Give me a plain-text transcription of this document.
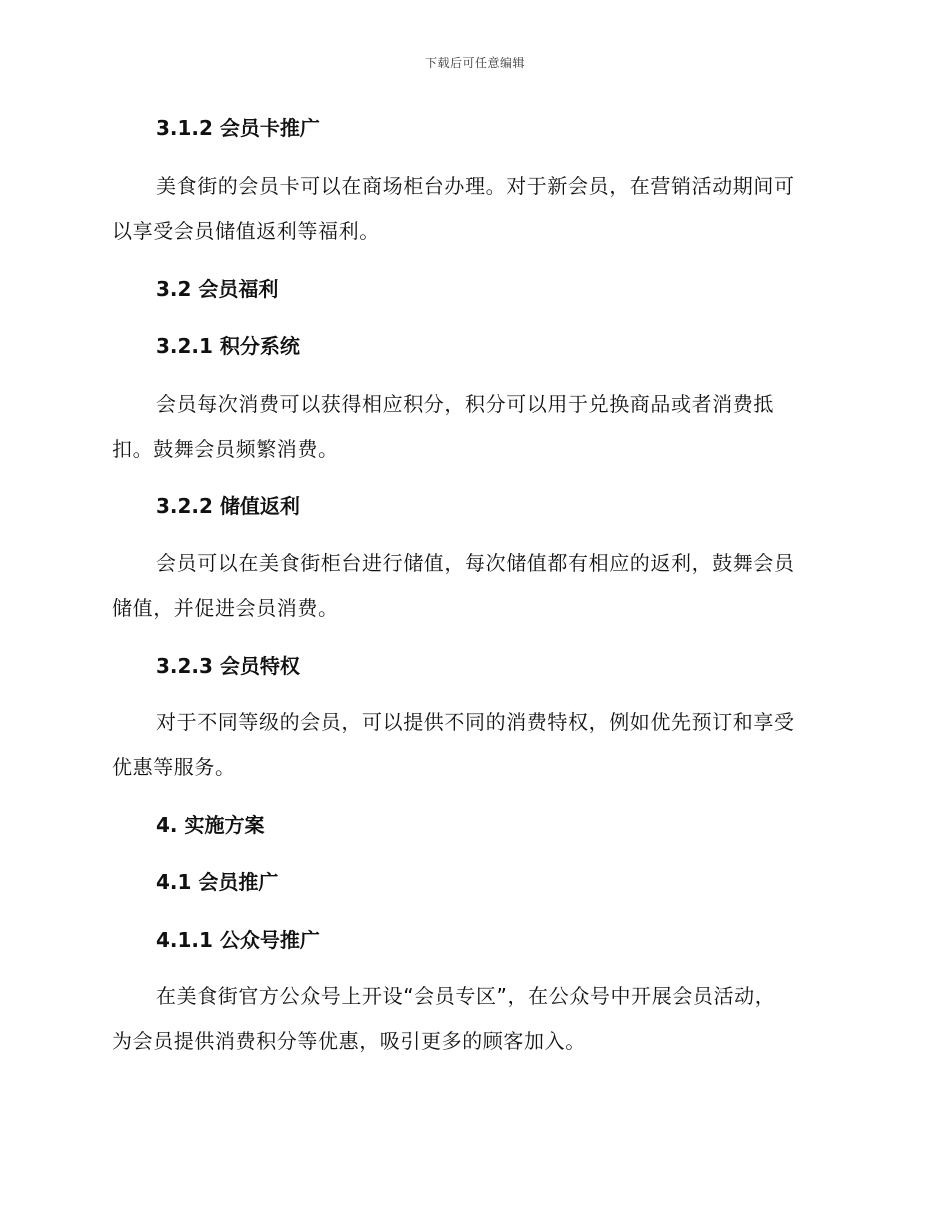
下载后可任意编辑
3.1.2 会员卡推广
美食街的会员卡可以在商场柜台办理。对于新会员，在营销活动期间可
以享受会员储值返利等福利。
3.2 会员福利
3.2.1 积分系统
会员每次消费可以获得相应积分，积分可以用于兑换商品或者消费抵
扣。鼓舞会员频繁消费。
3.2.2 储值返利
会员可以在美食街柜台进行储值，每次储值都有相应的返利，鼓舞会员
储值，并促进会员消费。
3.2.3 会员特权
对于不同等级的会员，可以提供不同的消费特权，例如优先预订和享受
优惠等服务。
4. 实施方案
4.1 会员推广
4.1.1 公众号推广
在美食街官方公众号上开设“会员专区”，在公众号中开展会员活动，
为会员提供消费积分等优惠，吸引更多的顾客加入。
